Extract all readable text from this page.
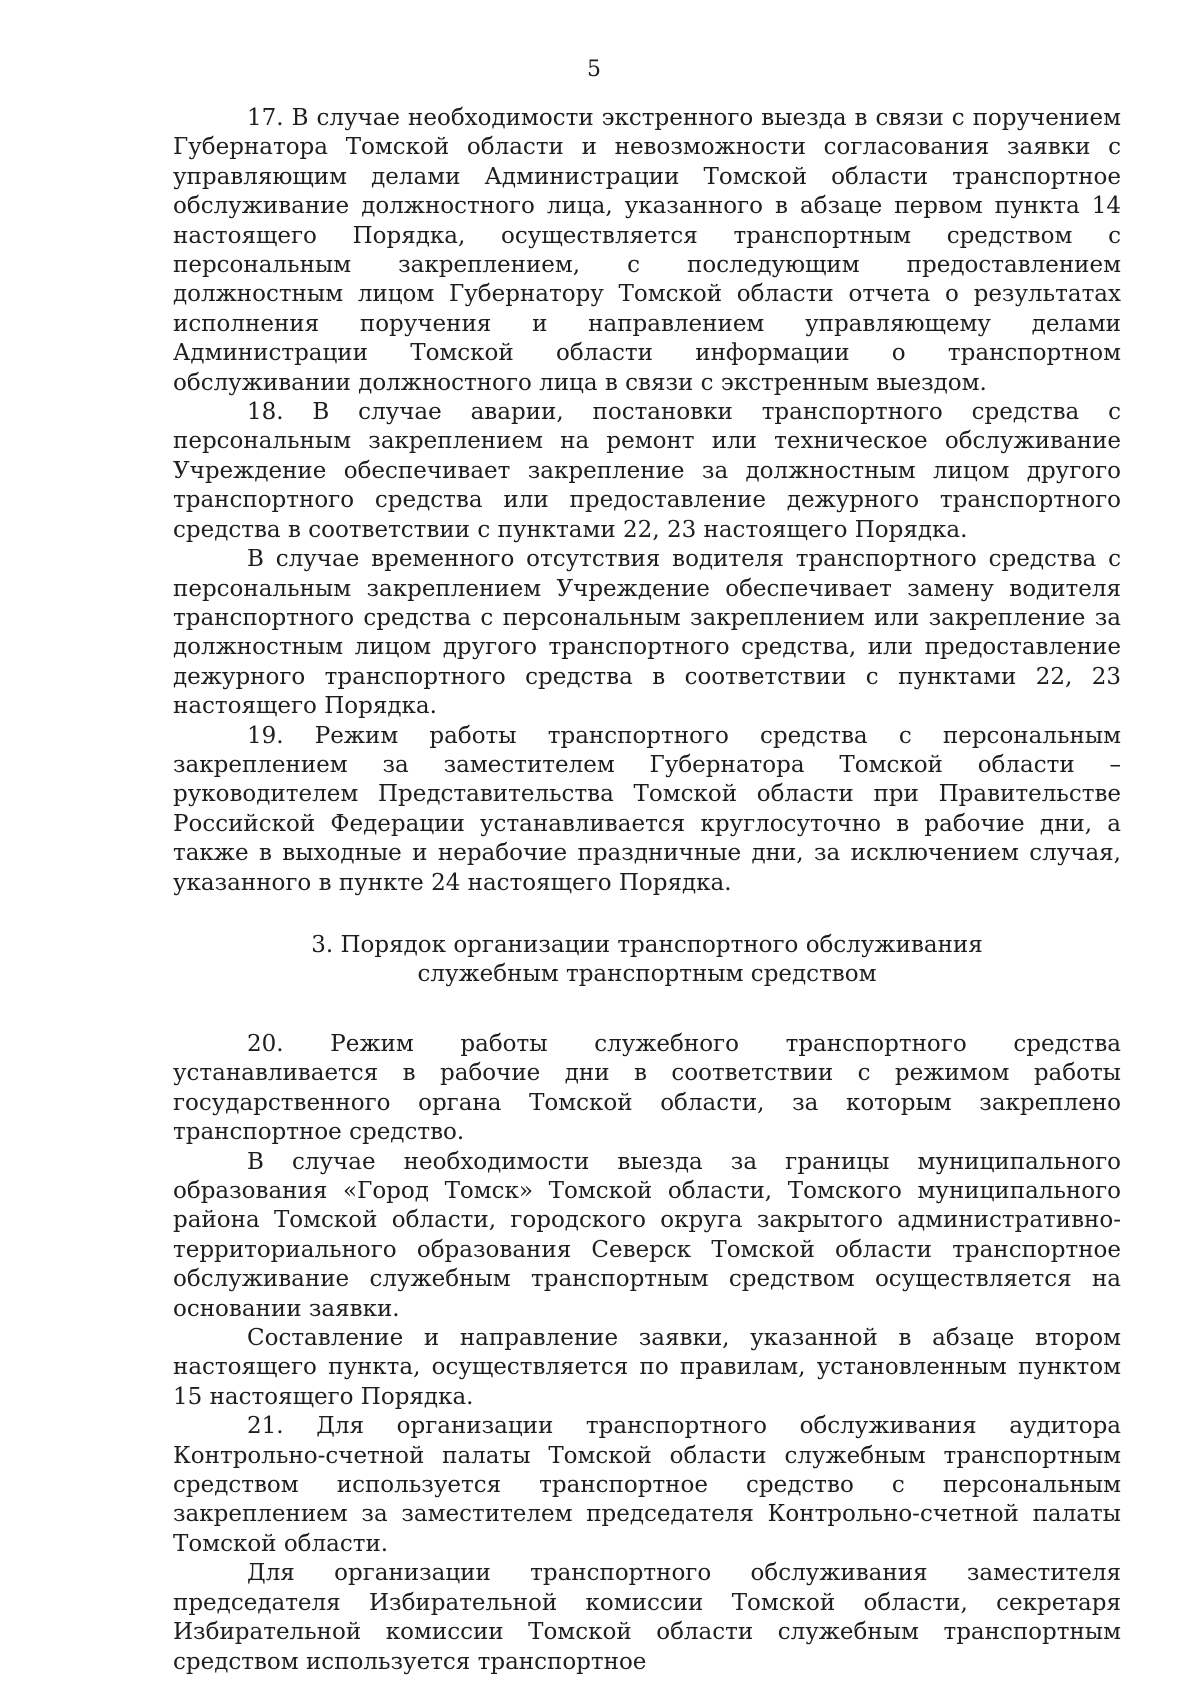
5

17. В случае необходимости экстренного выезда в связи с поручением Губернатора Томской области и невозможности согласования заявки с управляющим делами Администрации Томской области транспортное обслуживание должностного лица, указанного в абзаце первом пункта 14 настоящего Порядка, осуществляется транспортным средством с персональным закреплением, с последующим предоставлением должностным лицом Губернатору Томской области отчета о результатах исполнения поручения и направлением управляющему делами Администрации Томской области информации о транспортном обслуживании должностного лица в связи с экстренным выездом.

18. В случае аварии, постановки транспортного средства с персональным закреплением на ремонт или техническое обслуживание Учреждение обеспечивает закрепление за должностным лицом другого транспортного средства или предоставление дежурного транспортного средства в соответствии с пунктами 22, 23 настоящего Порядка.

В случае временного отсутствия водителя транспортного средства с персональным закреплением Учреждение обеспечивает замену водителя транспортного средства с персональным закреплением или закрепление за должностным лицом другого транспортного средства, или предоставление дежурного транспортного средства в соответствии с пунктами 22, 23 настоящего Порядка.

19. Режим работы транспортного средства с персональным закреплением за заместителем Губернатора Томской области – руководителем Представительства Томской области при Правительстве Российской Федерации устанавливается круглосуточно в рабочие дни, а также в выходные и нерабочие праздничные дни, за исключением случая, указанного в пункте 24 настоящего Порядка.

3. Порядок организации транспортного обслуживания
служебным транспортным средством

20. Режим работы служебного транспортного средства устанавливается в рабочие дни в соответствии с режимом работы государственного органа Томской области, за которым закреплено транспортное средство.

В случае необходимости выезда за границы муниципального образования «Город Томск» Томской области, Томского муниципального района Томской области, городского округа закрытого административно-территориального образования Северск Томской области транспортное обслуживание служебным транспортным средством осуществляется на основании заявки.

Составление и направление заявки, указанной в абзаце втором настоящего пункта, осуществляется по правилам, установленным пунктом 15 настоящего Порядка.

21. Для организации транспортного обслуживания аудитора Контрольно-счетной палаты Томской области служебным транспортным средством используется транспортное средство с персональным закреплением за заместителем председателя Контрольно-счетной палаты Томской области.

Для организации транспортного обслуживания заместителя председателя Избирательной комиссии Томской области, секретаря Избирательной комиссии Томской области служебным транспортным средством используется транспортное
